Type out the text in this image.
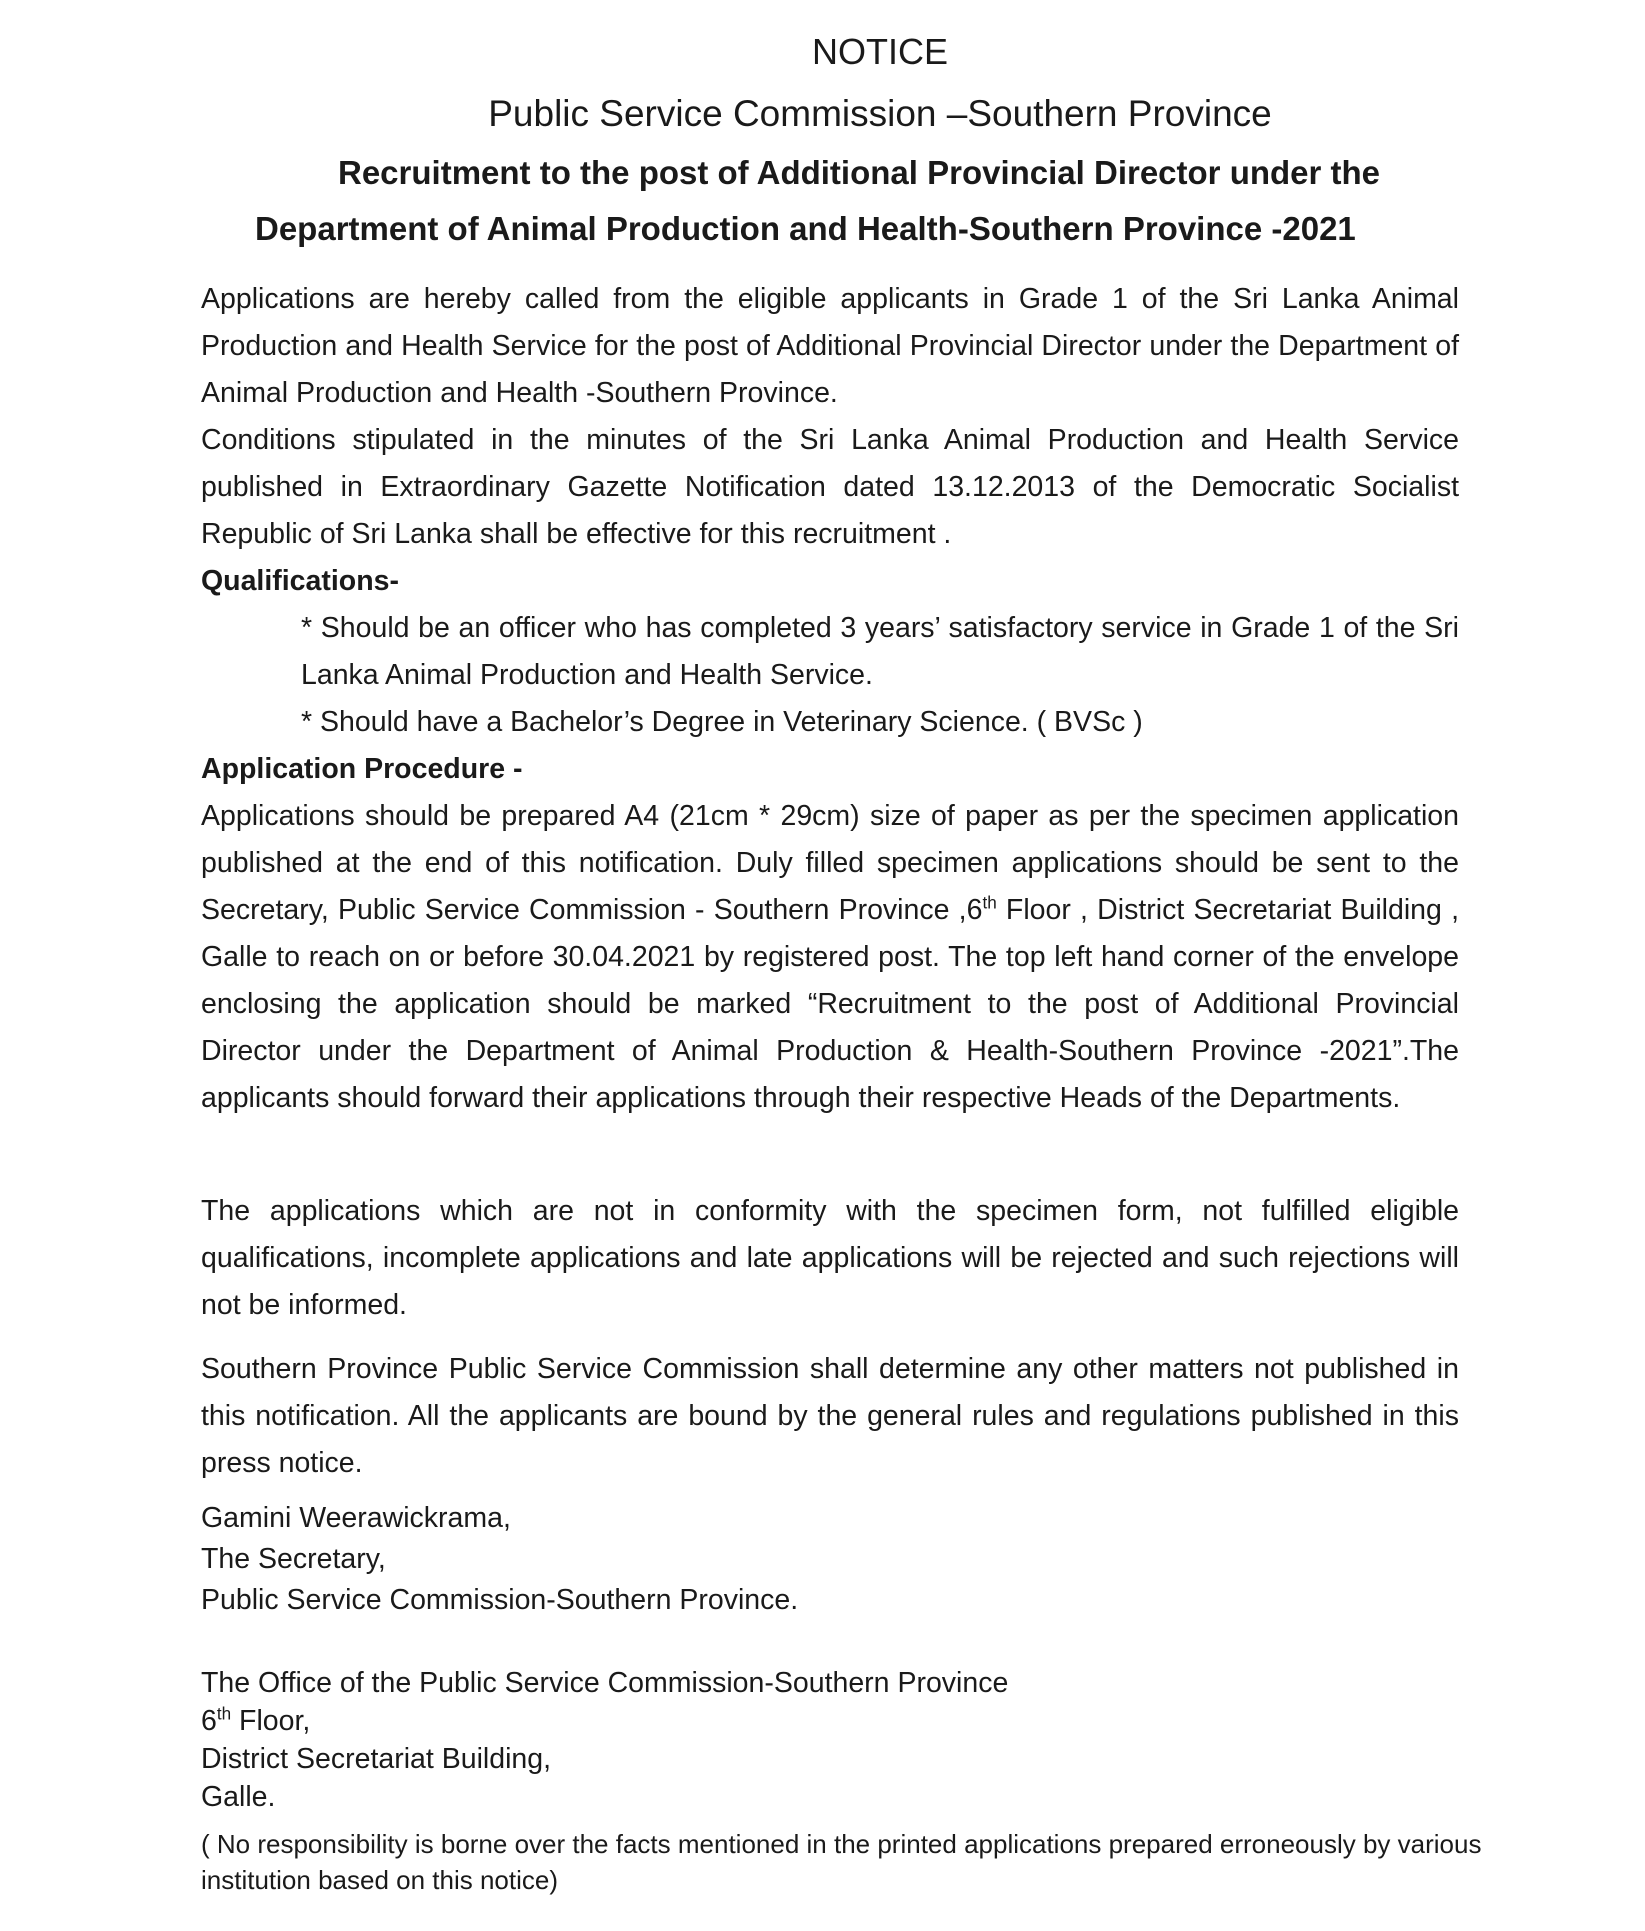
NOTICE
Public Service Commission –Southern Province
Recruitment to the post of Additional Provincial Director under the
Department of Animal Production and Health-Southern Province -2021

Applications are hereby called from the eligible applicants in Grade 1 of the Sri Lanka Animal Production and Health Service for the post of Additional Provincial Director under the Department of Animal Production and Health -Southern Province.

Conditions stipulated in the minutes of the Sri Lanka Animal Production and Health Service published in Extraordinary Gazette Notification dated 13.12.2013 of the Democratic Socialist Republic of Sri Lanka shall be effective for this recruitment .

Qualifications-

* Should be an officer who has completed 3 years’ satisfactory service in Grade 1 of the Sri Lanka Animal Production and Health Service.

* Should have a Bachelor’s Degree in Veterinary Science. ( BVSc )

Application Procedure -

Applications should be prepared A4 (21cm * 29cm) size of paper as per the specimen application published at the end of this notification. Duly filled specimen applications should be sent to the Secretary, Public Service Commission - Southern Province ,6th Floor , District Secretariat Building , Galle to reach on or before 30.04.2021 by registered post. The top left hand corner of the envelope enclosing the application should be marked “Recruitment to the post of Additional Provincial Director under the Department of Animal Production & Health-Southern Province -2021”.The applicants should forward their applications through their respective Heads of the Departments.

The applications which are not in conformity with the specimen form, not fulfilled eligible qualifications, incomplete applications and late applications will be rejected and such rejections will not be informed.

Southern Province Public Service Commission shall determine any other matters not published in this notification. All the applicants are bound by the general rules and regulations published in this press notice.

Gamini Weerawickrama,
The Secretary,
Public Service Commission-Southern Province.
The Office of the Public Service Commission-Southern Province
6th Floor,
District Secretariat Building,
Galle.
( No responsibility is borne over the facts mentioned in the printed applications prepared erroneously by various institution based on this notice)
